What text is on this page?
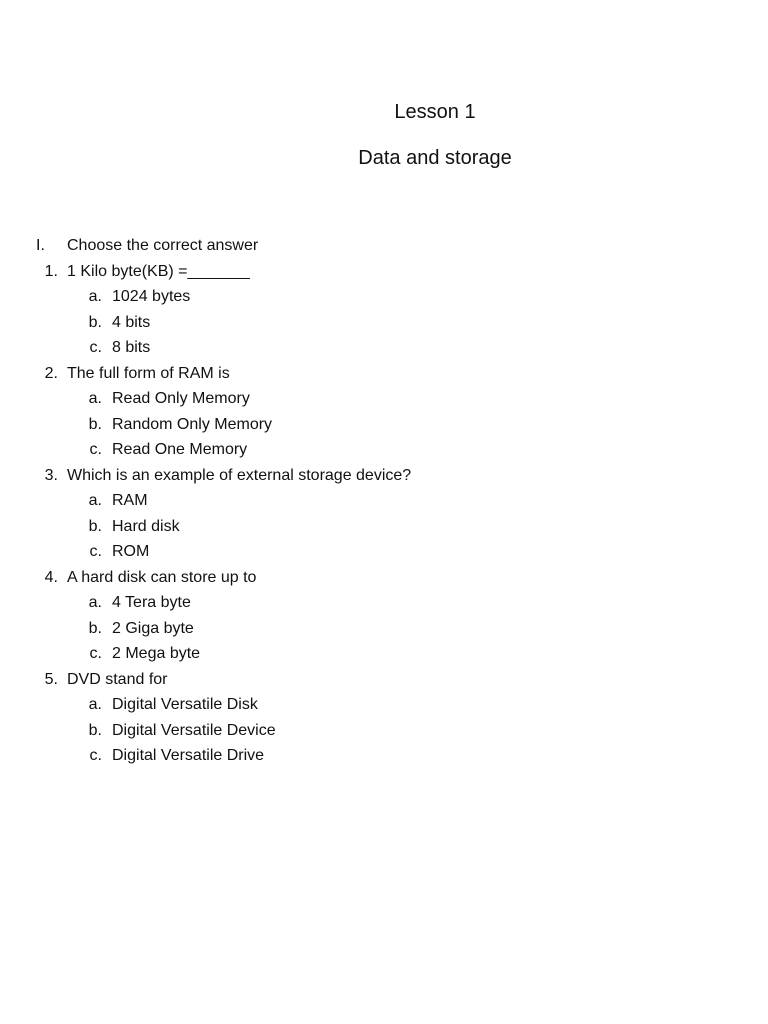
Lesson 1
Data and storage
I. Choose the correct answer
1. 1 Kilo byte(KB) =_______
a. 1024 bytes
b. 4 bits
c. 8 bits
2. The full form of RAM is
a. Read Only Memory
b. Random Only Memory
c. Read One Memory
3. Which is an example of external storage device?
a. RAM
b. Hard disk
c. ROM
4. A hard disk can store up to
a. 4 Tera byte
b. 2 Giga byte
c. 2 Mega byte
5. DVD stand for
a. Digital Versatile Disk
b. Digital Versatile Device
c. Digital Versatile Drive
